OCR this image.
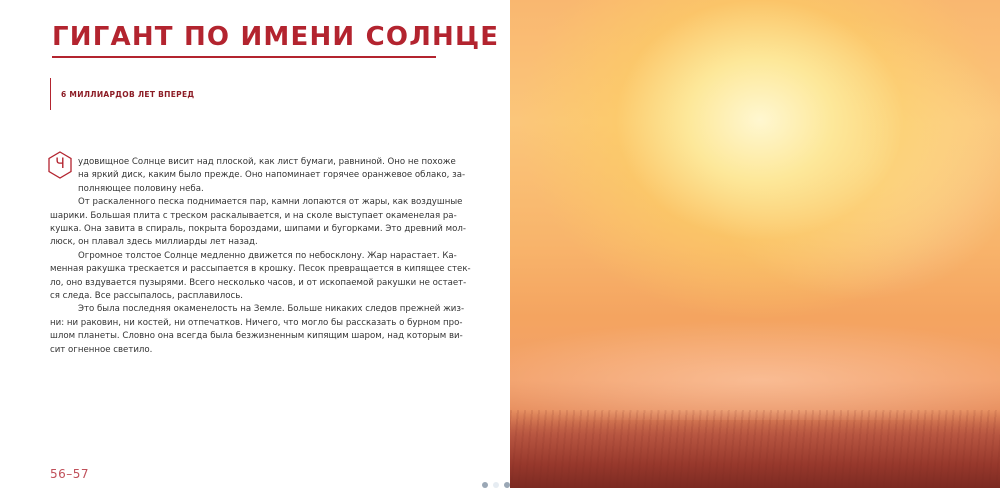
ГИГАНТ ПО ИМЕНИ СОЛНЦЕ
6 МИЛЛИАРДОВ ЛЕТ ВПЕРЕД
Ч	удовищное Солнце висит над плоской, как лист бумаги, равниной. Оно не похоже

на яркий диск, каким было прежде. Оно напоминает горячее оранжевое облако, за-

полняющее половину неба.

От раскаленного песка поднимается пар, камни лопаются от жары, как воздушные

шарики. Большая плита с треском раскалывается, и на сколе выступает окаменелая ра-

кушка. Она завита в спираль, покрыта бороздами, шипами и бугорками. Это древний мол-

люск, он плавал здесь миллиарды лет назад.

Огромное толстое Солнце медленно движется по небосклону. Жар нарастает. Ка-

менная ракушка трескается и рассыпается в крошку. Песок превращается в кипящее стек-

ло, оно вздувается пузырями. Всего несколько часов, и от ископаемой ракушки не остает-

ся следа. Все рассыпалось, расплавилось.

Это была последняя окаменелость на Земле. Больше никаких следов прежней жиз-

ни: ни раковин, ни костей, ни отпечатков. Ничего, что могло бы рассказать о бурном про-

шлом планеты. Словно она всегда была безжизненным кипящим шаром, над которым ви-

сит огненное светило.

56–57
